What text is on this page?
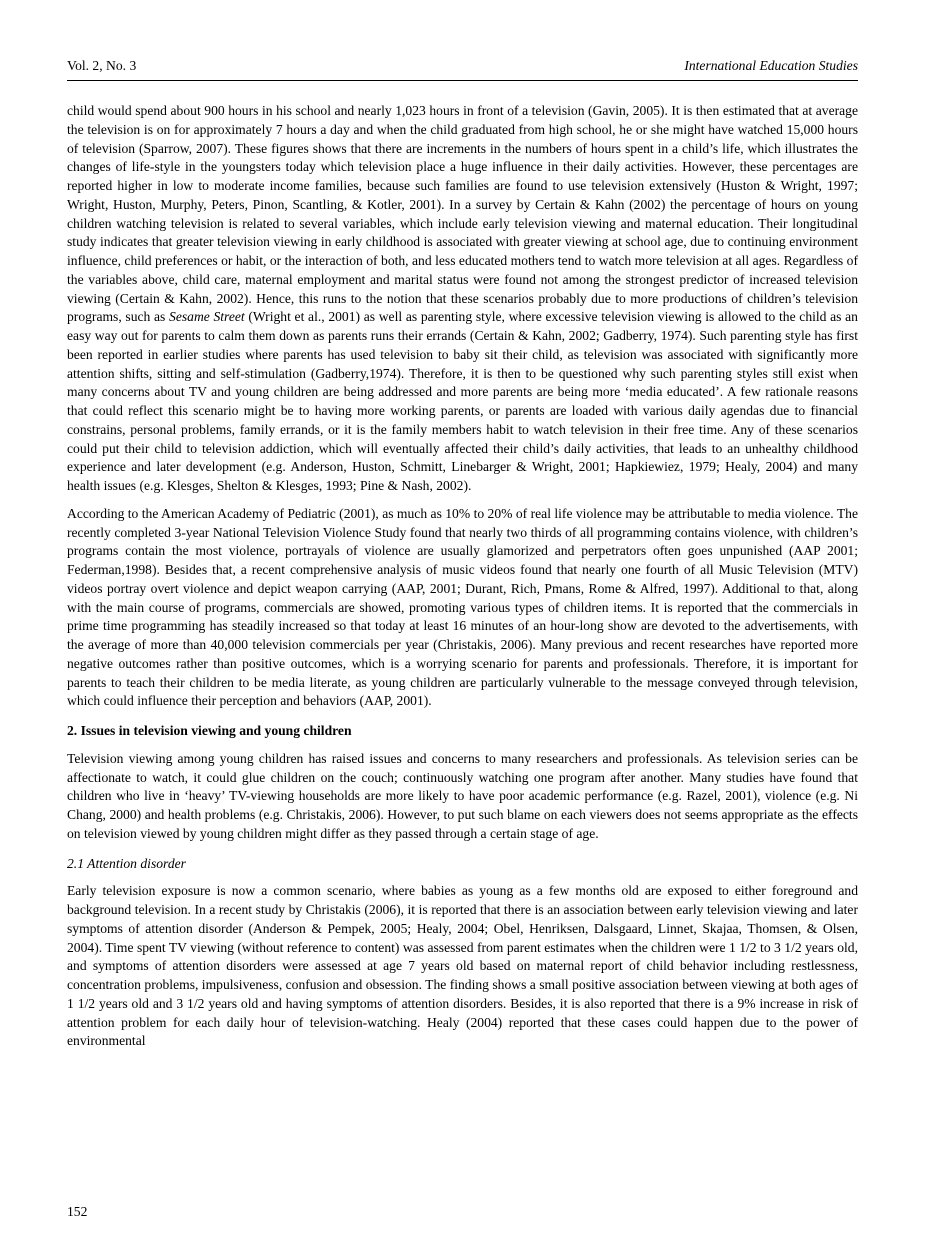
Vol. 2, No. 3	International Education Studies

child would spend about 900 hours in his school and nearly 1,023 hours in front of a television (Gavin, 2005). It is then estimated that at average the television is on for approximately 7 hours a day and when the child graduated from high school, he or she might have watched 15,000 hours of television (Sparrow, 2007). These figures shows that there are increments in the numbers of hours spent in a child’s life, which illustrates the changes of life-style in the youngsters today which television place a huge influence in their daily activities. However, these percentages are reported higher in low to moderate income families, because such families are found to use television extensively (Huston & Wright, 1997; Wright, Huston, Murphy, Peters, Pinon, Scantling, & Kotler, 2001). In a survey by Certain & Kahn (2002) the percentage of hours on young children watching television is related to several variables, which include early television viewing and maternal education. Their longitudinal study indicates that greater television viewing in early childhood is associated with greater viewing at school age, due to continuing environment influence, child preferences or habit, or the interaction of both, and less educated mothers tend to watch more television at all ages. Regardless of the variables above, child care, maternal employment and marital status were found not among the strongest predictor of increased television viewing (Certain & Kahn, 2002). Hence, this runs to the notion that these scenarios probably due to more productions of children’s television programs, such as Sesame Street (Wright et al., 2001) as well as parenting style, where excessive television viewing is allowed to the child as an easy way out for parents to calm them down as parents runs their errands (Certain & Kahn, 2002; Gadberry, 1974). Such parenting style has first been reported in earlier studies where parents has used television to baby sit their child, as television was associated with significantly more attention shifts, sitting and self-stimulation (Gadberry,1974). Therefore, it is then to be questioned why such parenting styles still exist when many concerns about TV and young children are being addressed and more parents are being more ‘media educated’. A few rationale reasons that could reflect this scenario might be to having more working parents, or parents are loaded with various daily agendas due to financial constrains, personal problems, family errands, or it is the family members habit to watch television in their free time. Any of these scenarios could put their child to television addiction, which will eventually affected their child’s daily activities, that leads to an unhealthy childhood experience and later development (e.g. Anderson, Huston, Schmitt, Linebarger & Wright, 2001; Hapkiewiez, 1979; Healy, 2004) and many health issues (e.g. Klesges, Shelton & Klesges, 1993; Pine & Nash, 2002).

According to the American Academy of Pediatric (2001), as much as 10% to 20% of real life violence may be attributable to media violence. The recently completed 3-year National Television Violence Study found that nearly two thirds of all programming contains violence, with children’s programs contain the most violence, portrayals of violence are usually glamorized and perpetrators often goes unpunished (AAP 2001; Federman,1998). Besides that, a recent comprehensive analysis of music videos found that nearly one fourth of all Music Television (MTV) videos portray overt violence and depict weapon carrying (AAP, 2001; Durant, Rich, Pmans, Rome & Alfred, 1997). Additional to that, along with the main course of programs, commercials are showed, promoting various types of children items. It is reported that the commercials in prime time programming has steadily increased so that today at least 16 minutes of an hour-long show are devoted to the advertisements, with the average of more than 40,000 television commercials per year (Christakis, 2006). Many previous and recent researches have reported more negative outcomes rather than positive outcomes, which is a worrying scenario for parents and professionals. Therefore, it is important for parents to teach their children to be media literate, as young children are particularly vulnerable to the message conveyed through television, which could influence their perception and behaviors (AAP, 2001).

2. Issues in television viewing and young children

Television viewing among young children has raised issues and concerns to many researchers and professionals. As television series can be affectionate to watch, it could glue children on the couch; continuously watching one program after another. Many studies have found that children who live in ‘heavy’ TV-viewing households are more likely to have poor academic performance (e.g. Razel, 2001), violence (e.g. Ni Chang, 2000) and health problems (e.g. Christakis, 2006). However, to put such blame on each viewers does not seems appropriate as the effects on television viewed by young children might differ as they passed through a certain stage of age.

2.1 Attention disorder

Early television exposure is now a common scenario, where babies as young as a few months old are exposed to either foreground and background television. In a recent study by Christakis (2006), it is reported that there is an association between early television viewing and later symptoms of attention disorder (Anderson & Pempek, 2005; Healy, 2004; Obel, Henriksen, Dalsgaard, Linnet, Skajaa, Thomsen, & Olsen, 2004). Time spent TV viewing (without reference to content) was assessed from parent estimates when the children were 1 1/2 to 3 1/2 years old, and symptoms of attention disorders were assessed at age 7 years old based on maternal report of child behavior including restlessness, concentration problems, impulsiveness, confusion and obsession. The finding shows a small positive association between viewing at both ages of 1 1/2 years old and 3 1/2 years old and having symptoms of attention disorders. Besides, it is also reported that there is a 9% increase in risk of attention problem for each daily hour of television-watching. Healy (2004) reported that these cases could happen due to the power of environmental

152
